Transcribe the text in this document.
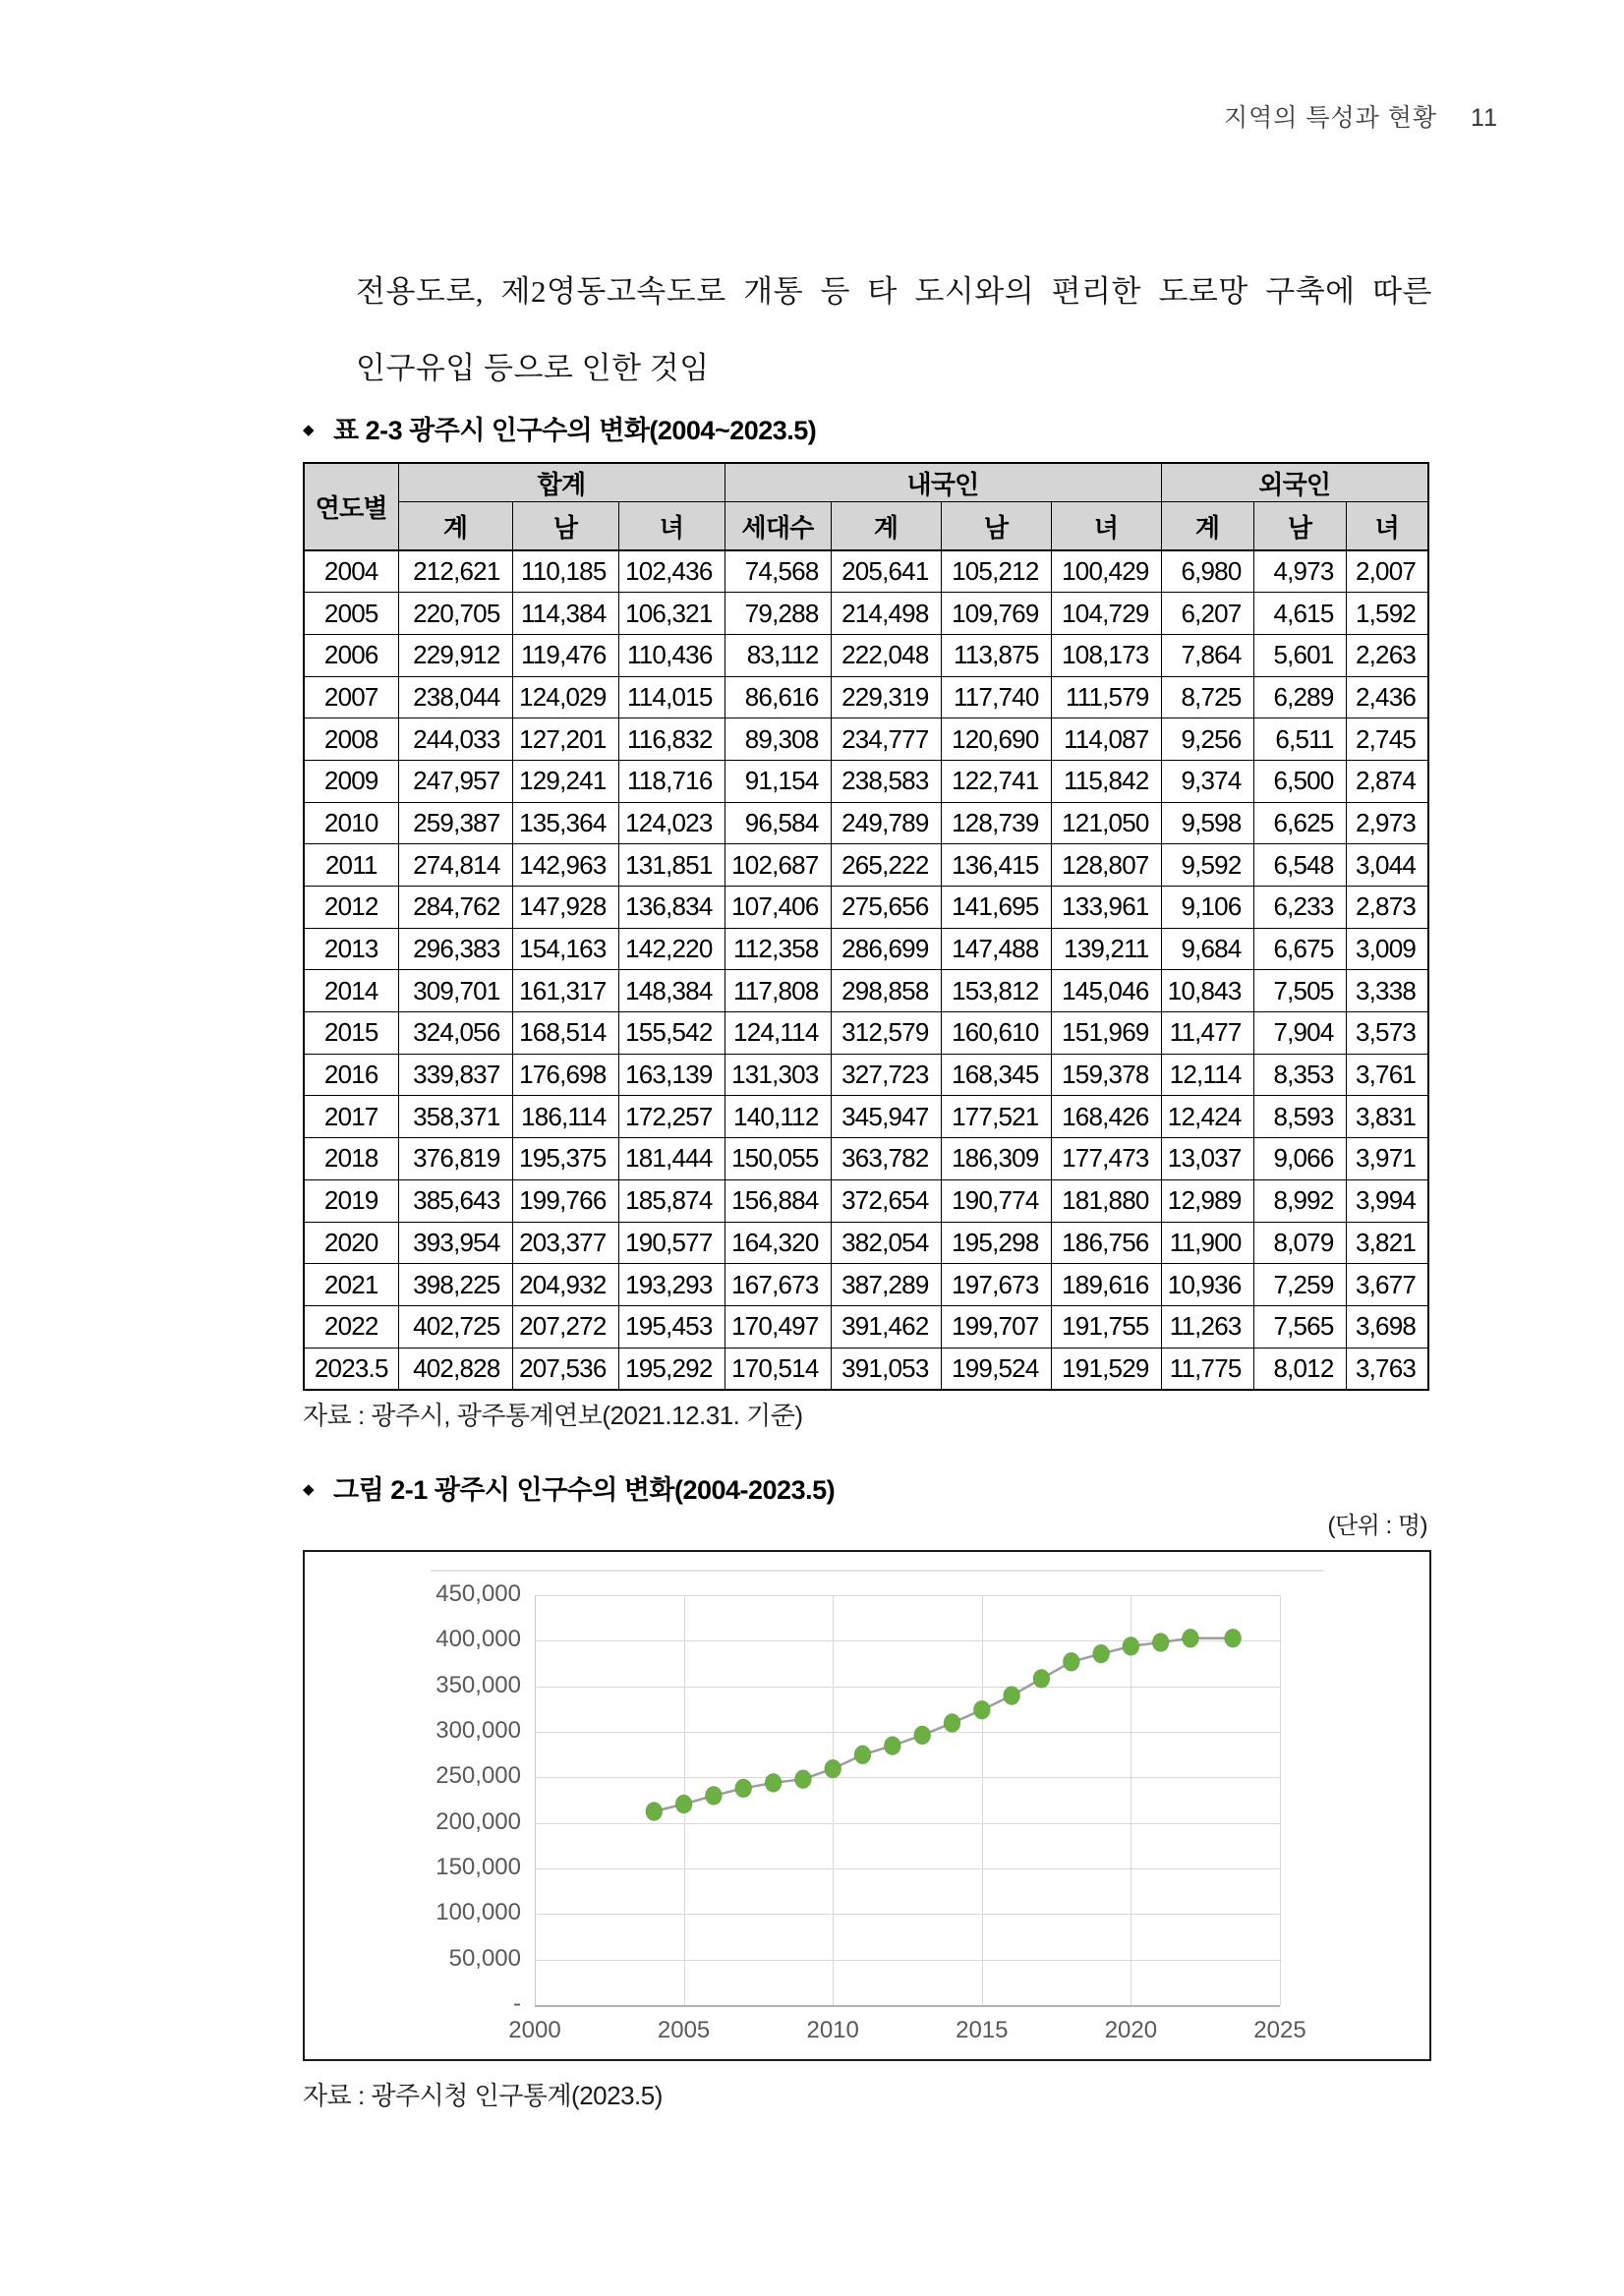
지역의 특성과 현황 11
전용도로, 제2영동고속도로 개통 등 타 도시와의 편리한 도로망 구축에 따른
인구유입 등으로 인한 것임
◆ 표 2-3 광주시 인구수의 변화(2004~2023.5)
연도별	합계			내국인				외국인		
	계	남	녀	세대수	계	남	녀	계	남	녀
2004	212,621	110,185	102,436	74,568	205,641	105,212	100,429	6,980	4,973	2,007
2005	220,705	114,384	106,321	79,288	214,498	109,769	104,729	6,207	4,615	1,592
2006	229,912	119,476	110,436	83,112	222,048	113,875	108,173	7,864	5,601	2,263
2007	238,044	124,029	114,015	86,616	229,319	117,740	111,579	8,725	6,289	2,436
2008	244,033	127,201	116,832	89,308	234,777	120,690	114,087	9,256	6,511	2,745
2009	247,957	129,241	118,716	91,154	238,583	122,741	115,842	9,374	6,500	2,874
2010	259,387	135,364	124,023	96,584	249,789	128,739	121,050	9,598	6,625	2,973
2011	274,814	142,963	131,851	102,687	265,222	136,415	128,807	9,592	6,548	3,044
2012	284,762	147,928	136,834	107,406	275,656	141,695	133,961	9,106	6,233	2,873
2013	296,383	154,163	142,220	112,358	286,699	147,488	139,211	9,684	6,675	3,009
2014	309,701	161,317	148,384	117,808	298,858	153,812	145,046	10,843	7,505	3,338
2015	324,056	168,514	155,542	124,114	312,579	160,610	151,969	11,477	7,904	3,573
2016	339,837	176,698	163,139	131,303	327,723	168,345	159,378	12,114	8,353	3,761
2017	358,371	186,114	172,257	140,112	345,947	177,521	168,426	12,424	8,593	3,831
2018	376,819	195,375	181,444	150,055	363,782	186,309	177,473	13,037	9,066	3,971
2019	385,643	199,766	185,874	156,884	372,654	190,774	181,880	12,989	8,992	3,994
2020	393,954	203,377	190,577	164,320	382,054	195,298	186,756	11,900	8,079	3,821
2021	398,225	204,932	193,293	167,673	387,289	197,673	189,616	10,936	7,259	3,677
2022	402,725	207,272	195,453	170,497	391,462	199,707	191,755	11,263	7,565	3,698
2023.5	402,828	207,536	195,292	170,514	391,053	199,524	191,529	11,775	8,012	3,763
자료 : 광주시, 광주통계연보(2021.12.31. 기준)
◆ 그림 2-1 광주시 인구수의 변화(2004-2023.5)
(단위 : 명)
450,000
400,000
350,000
300,000
250,000
200,000
150,000
100,000
50,000
-
2000	2005	2010	2015	2020	2025
자료 : 광주시청 인구통계(2023.5)
